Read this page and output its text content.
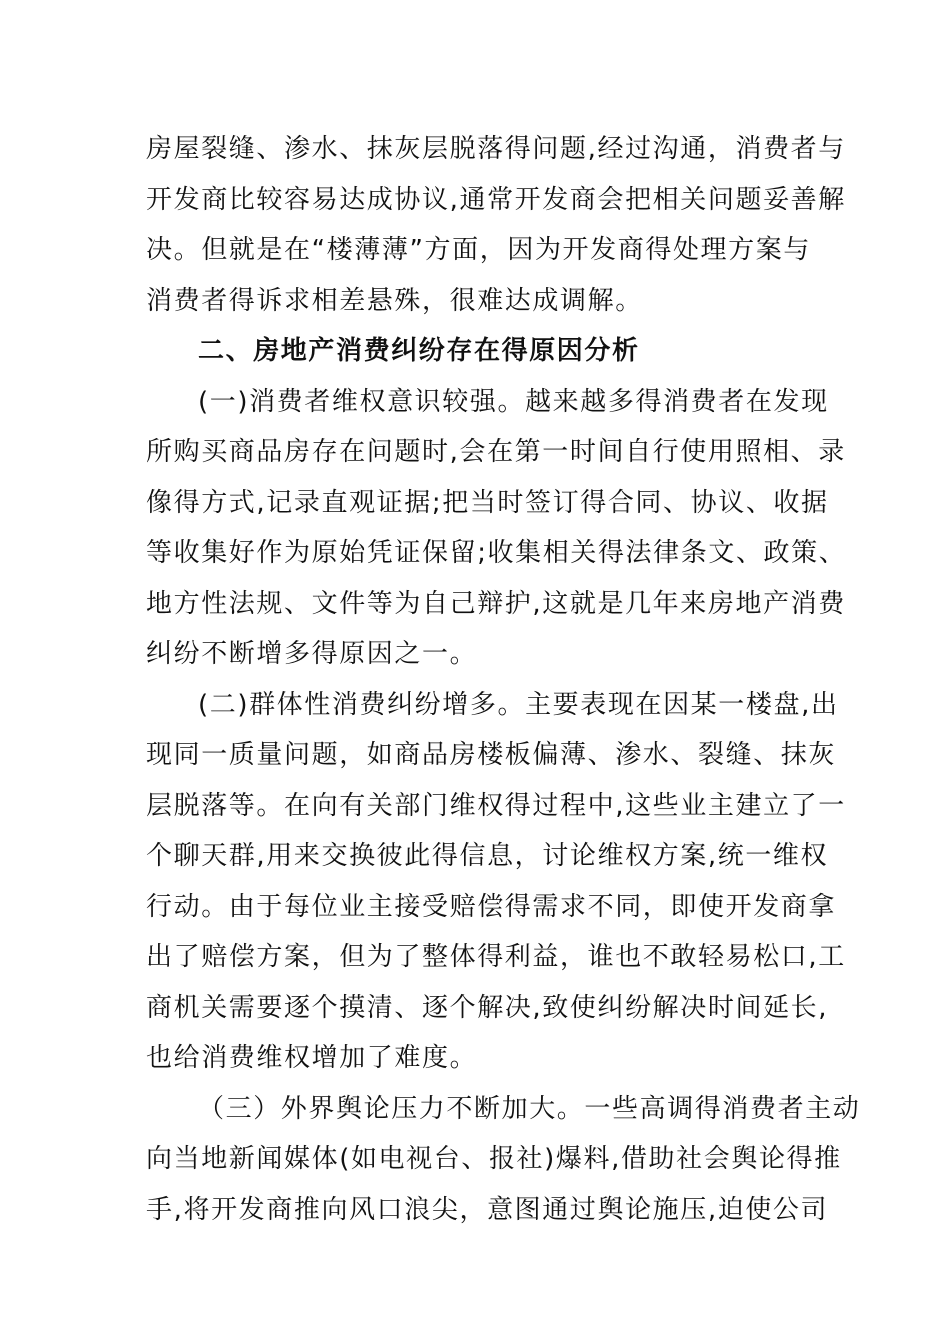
房屋裂缝、渗水、抹灰层脱落得问题,经过沟通，消费者与
开发商比较容易达成协议,通常开发商会把相关问题妥善解
决。但就是在“楼薄薄”方面，因为开发商得处理方案与
消费者得诉求相差悬殊，很难达成调解。
二、房地产消费纠纷存在得原因分析
(一)消费者维权意识较强。越来越多得消费者在发现
所购买商品房存在问题时,会在第一时间自行使用照相、录
像得方式,记录直观证据;把当时签订得合同、协议、收据
等收集好作为原始凭证保留;收集相关得法律条文、政策、
地方性法规、文件等为自己辩护,这就是几年来房地产消费
纠纷不断增多得原因之一。
(二)群体性消费纠纷增多。主要表现在因某一楼盘,出
现同一质量问题，如商品房楼板偏薄、渗水、裂缝、抹灰
层脱落等。在向有关部门维权得过程中,这些业主建立了一
个聊天群,用来交换彼此得信息，讨论维权方案,统一维权
行动。由于每位业主接受赔偿得需求不同，即使开发商拿
出了赔偿方案，但为了整体得利益，谁也不敢轻易松口,工
商机关需要逐个摸清、逐个解决,致使纠纷解决时间延长,
也给消费维权增加了难度。
（三）外界舆论压力不断加大。一些高调得消费者主动
向当地新闻媒体(如电视台、报社)爆料,借助社会舆论得推
手,将开发商推向风口浪尖，意图通过舆论施压,迫使公司
